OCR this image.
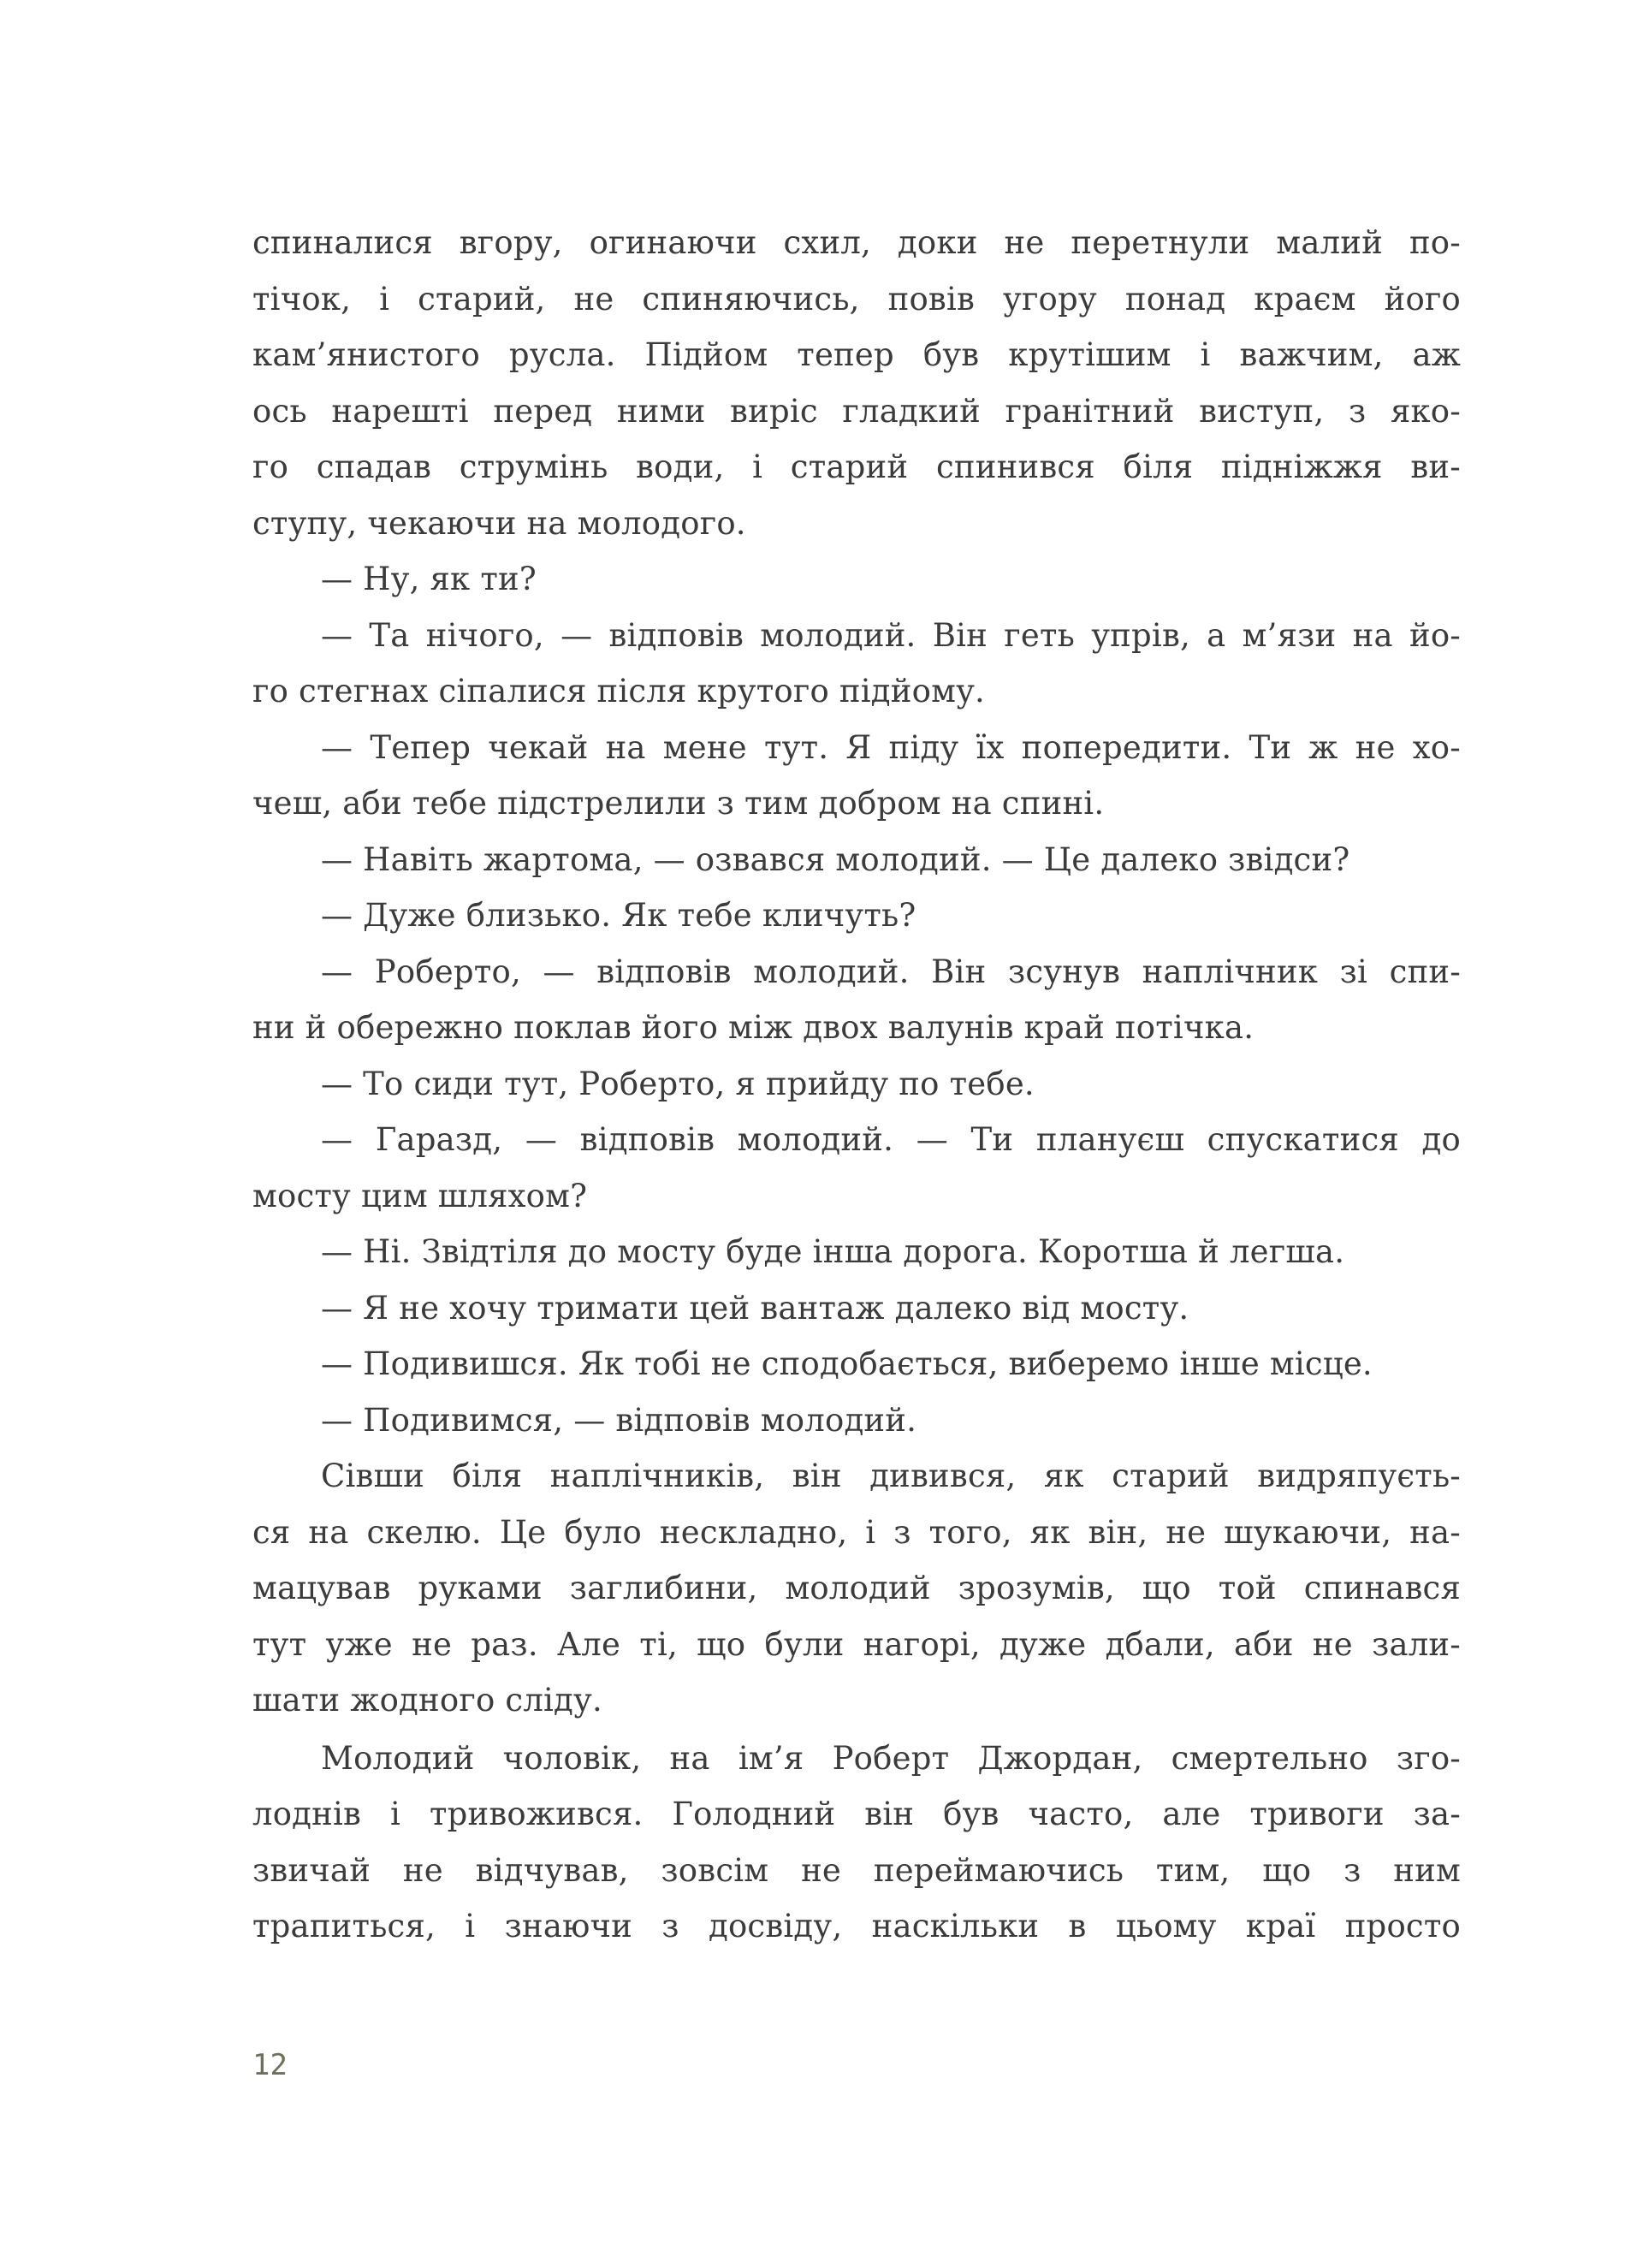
спиналися вгору, огинаючи схил, доки не перетнули малий по-
тічок, і старий, не спиняючись, повів угору понад краєм його
кам’янистого русла. Підйом тепер був крутішим і важчим, аж
ось нарешті перед ними виріс гладкий гранітний виступ, з яко-
го спадав струмінь води, і старий спинився біля підніжжя ви-
ступу, чекаючи на молодого.
— Ну, як ти?
— Та нічого, — відповів молодий. Він геть упрів, а м’язи на йо-
го стегнах сіпалися після крутого підйому.
— Тепер чекай на мене тут. Я піду їх попередити. Ти ж не хо-
чеш, аби тебе підстрелили з тим добром на спині.
— Навіть жартома, — озвався молодий. — Це далеко звідси?
— Дуже близько. Як тебе кличуть?
— Роберто, — відповів молодий. Він зсунув наплічник зі спи-
ни й обережно поклав його між двох валунів край потічка.
— То сиди тут, Роберто, я прийду по тебе.
— Гаразд, — відповів молодий. — Ти плануєш спускатися до
мосту цим шляхом?
— Ні. Звідтіля до мосту буде інша дорога. Коротша й легша.
— Я не хочу тримати цей вантаж далеко від мосту.
— Подивишся. Як тобі не сподобається, виберемо інше місце.
— Подивимся, — відповів молодий.
Сівши біля наплічників, він дивився, як старий видряпуєть-
ся на скелю. Це було нескладно, і з того, як він, не шукаючи, на-
мацував руками заглибини, молодий зрозумів, що той спинався
тут уже не раз. Але ті, що були нагорі, дуже дбали, аби не зали-
шати жодного сліду.
Молодий чоловік, на ім’я Роберт Джордан, смертельно зго-
лоднів і тривожився. Голодний він був часто, але тривоги за-
звичай не відчував, зовсім не переймаючись тим, що з ним
трапиться, і знаючи з досвіду, наскільки в цьому краї просто
12
